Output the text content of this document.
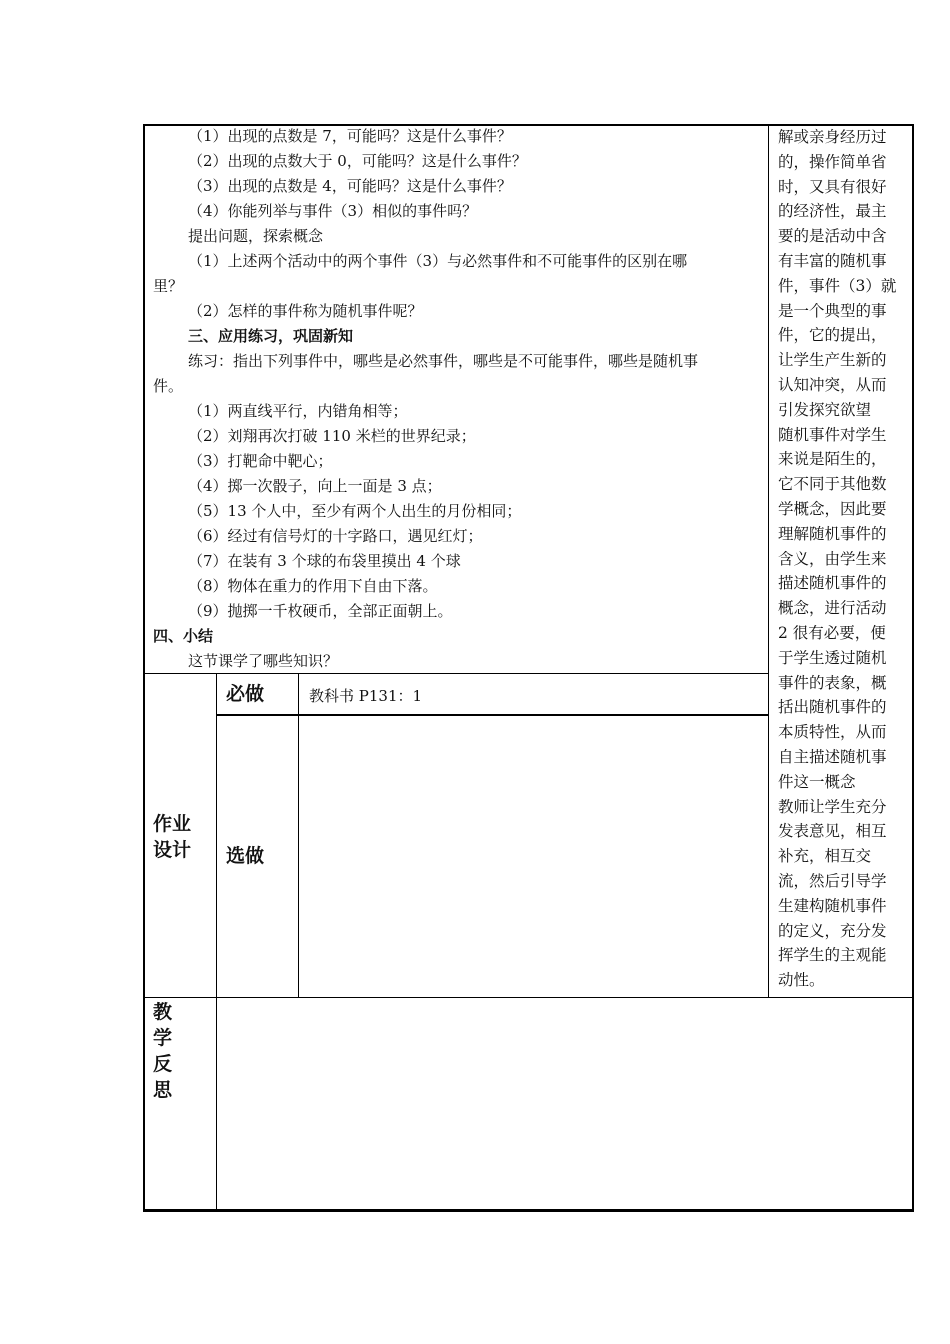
（1）出现的点数是 7，可能吗？这是什么事件？
（2）出现的点数大于 0，可能吗？这是什么事件？
（3）出现的点数是 4，可能吗？这是什么事件？
（4）你能列举与事件（3）相似的事件吗？
提出问题，探索概念
（1）上述两个活动中的两个事件（3）与必然事件和不可能事件的区别在哪
里？
（2）怎样的事件称为随机事件呢？
三、应用练习，巩固新知
练习：指出下列事件中，哪些是必然事件，哪些是不可能事件，哪些是随机事
件。
（1）两直线平行，内错角相等；
（2）刘翔再次打破 110 米栏的世界纪录；
（3）打靶命中靶心；
（4）掷一次骰子，向上一面是 3 点；
（5）13 个人中，至少有两个人出生的月份相同；
（6）经过有信号灯的十字路口，遇见红灯；
（7）在装有 3 个球的布袋里摸出 4 个球
（8）物体在重力的作用下自由下落。
（9）抛掷一千枚硬币，全部正面朝上。
四、小结
这节课学了哪些知识？
解或亲身经历过
的，操作简单省
时，又具有很好
的经济性，最主
要的是活动中含
有丰富的随机事
件，事件（3）就
是一个典型的事
件，它的提出，
让学生产生新的
认知冲突，从而
引发探究欲望
随机事件对学生
来说是陌生的，
它不同于其他数
学概念，因此要
理解随机事件的
含义，由学生来
描述随机事件的
概念，进行活动
2 很有必要，便
于学生透过随机
事件的表象，概
括出随机事件的
本质特性，从而
自主描述随机事
件这一概念
教师让学生充分
发表意见，相互
补充，相互交
流，然后引导学
生建构随机事件
的定义，充分发
挥学生的主观能
动性。
作业
设计
必做	教科书 P131：1
选做
教
学
反
思
